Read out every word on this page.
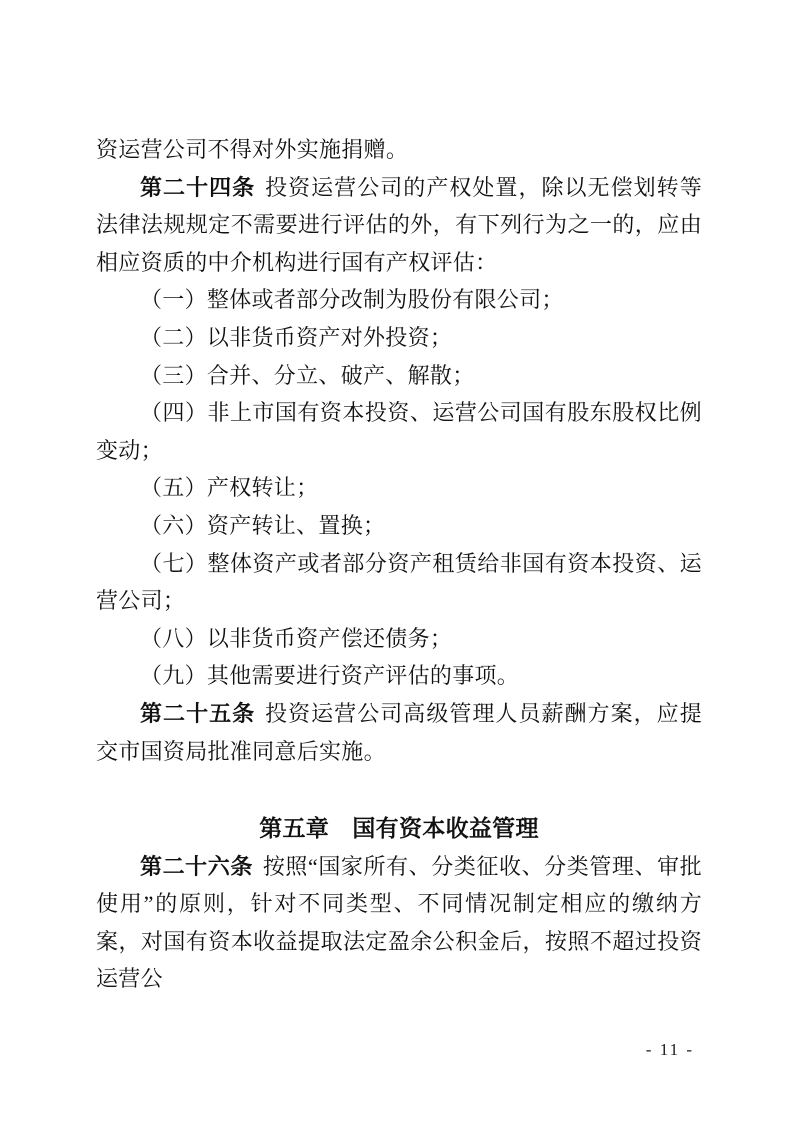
资运营公司不得对外实施捐赠。

第二十四条 投资运营公司的产权处置，除以无偿划转等法律法规规定不需要进行评估的外，有下列行为之一的，应由相应资质的中介机构进行国有产权评估：

（一）整体或者部分改制为股份有限公司；

（二）以非货币资产对外投资；

（三）合并、分立、破产、解散；

（四）非上市国有资本投资、运营公司国有股东股权比例变动；

（五）产权转让；

（六）资产转让、置换；

（七）整体资产或者部分资产租赁给非国有资本投资、运营公司；

（八）以非货币资产偿还债务；

（九）其他需要进行资产评估的事项。

第二十五条 投资运营公司高级管理人员薪酬方案，应提交市国资局批准同意后实施。

第五章　国有资本收益管理

第二十六条 按照“国家所有、分类征收、分类管理、审批使用”的原则，针对不同类型、不同情况制定相应的缴纳方案，对国有资本收益提取法定盈余公积金后，按照不超过投资运营公

- 11 -
